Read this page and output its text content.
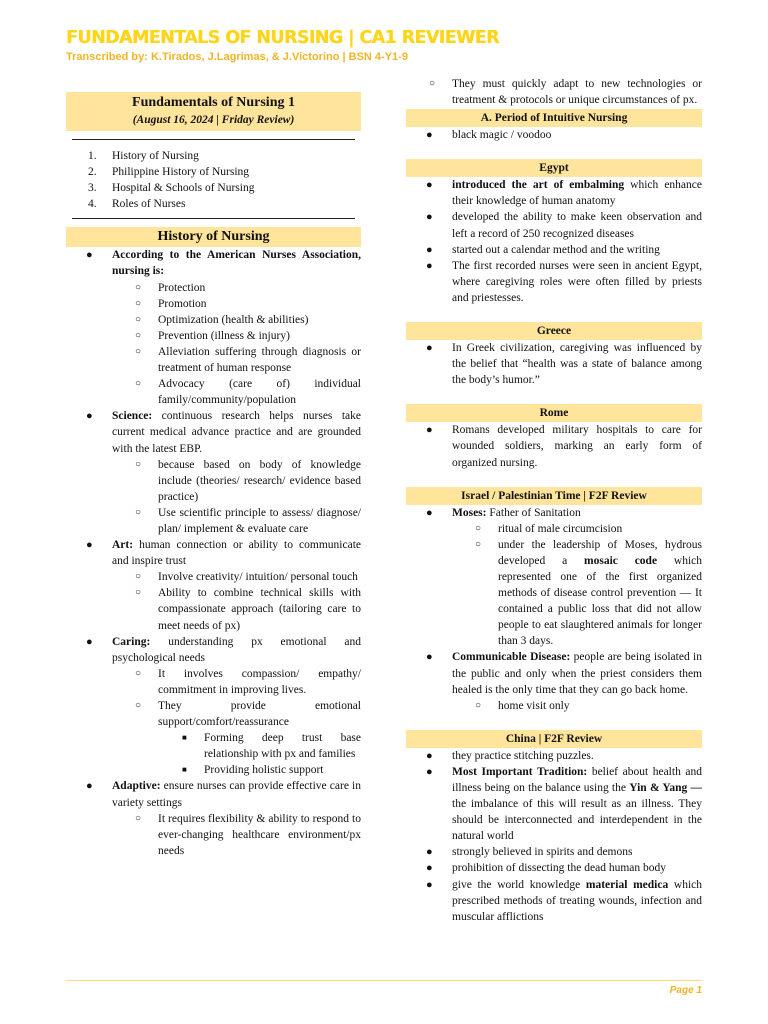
FUNDAMENTALS OF NURSING | CA1 REVIEWER
Transcribed by: K.Tirados, J.Lagrimas, & J.Victorino | BSN 4-Y1-9
Fundamentals of Nursing 1
(August 16, 2024 | Friday Review)
1. History of Nursing
2. Philippine History of Nursing
3. Hospital & Schools of Nursing
4. Roles of Nurses
History of Nursing
● According to the American Nurses Association, nursing is:
○ Protection
○ Promotion
○ Optimization (health & abilities)
○ Prevention (illness & injury)
○ Alleviation suffering through diagnosis or treatment of human response
○ Advocacy (care of) individual family/community/population
● Science: continuous research helps nurses take current medical advance practice and are grounded with the latest EBP.
○ because based on body of knowledge include (theories/ research/ evidence based practice)
○ Use scientific principle to assess/ diagnose/ plan/ implement & evaluate care
● Art: human connection or ability to communicate and inspire trust
○ Involve creativity/ intuition/ personal touch
○ Ability to combine technical skills with compassionate approach (tailoring care to meet needs of px)
● Caring: understanding px emotional and psychological needs
○ It involves compassion/ empathy/ commitment in improving lives.
○ They provide emotional support/comfort/reassurance
■ Forming deep trust base relationship with px and families
■ Providing holistic support
● Adaptive: ensure nurses can provide effective care in variety settings
○ It requires flexibility & ability to respond to ever-changing healthcare environment/px needs
○ They must quickly adapt to new technologies or treatment & protocols or unique circumstances of px.
A. Period of Intuitive Nursing
● black magic / voodoo
Egypt
● introduced the art of embalming which enhance their knowledge of human anatomy
● developed the ability to make keen observation and left a record of 250 recognized diseases
● started out a calendar method and the writing
● The first recorded nurses were seen in ancient Egypt, where caregiving roles were often filled by priests and priestesses.
Greece
● In Greek civilization, caregiving was influenced by the belief that “health was a state of balance among the body’s humor.”
Rome
● Romans developed military hospitals to care for wounded soldiers, marking an early form of organized nursing.
Israel / Palestinian Time | F2F Review
● Moses: Father of Sanitation
○ ritual of male circumcision
○ under the leadership of Moses, hydrous developed a mosaic code which represented one of the first organized methods of disease control prevention — It contained a public loss that did not allow people to eat slaughtered animals for longer than 3 days.
● Communicable Disease: people are being isolated in the public and only when the priest considers them healed is the only time that they can go back home.
○ home visit only
China | F2F Review
● they practice stitching puzzles.
● Most Important Tradition: belief about health and illness being on the balance using the Yin & Yang — the imbalance of this will result as an illness. They should be interconnected and interdependent in the natural world
● strongly believed in spirits and demons
● prohibition of dissecting the dead human body
● give the world knowledge material medica which prescribed methods of treating wounds, infection and muscular afflictions
Page 1
